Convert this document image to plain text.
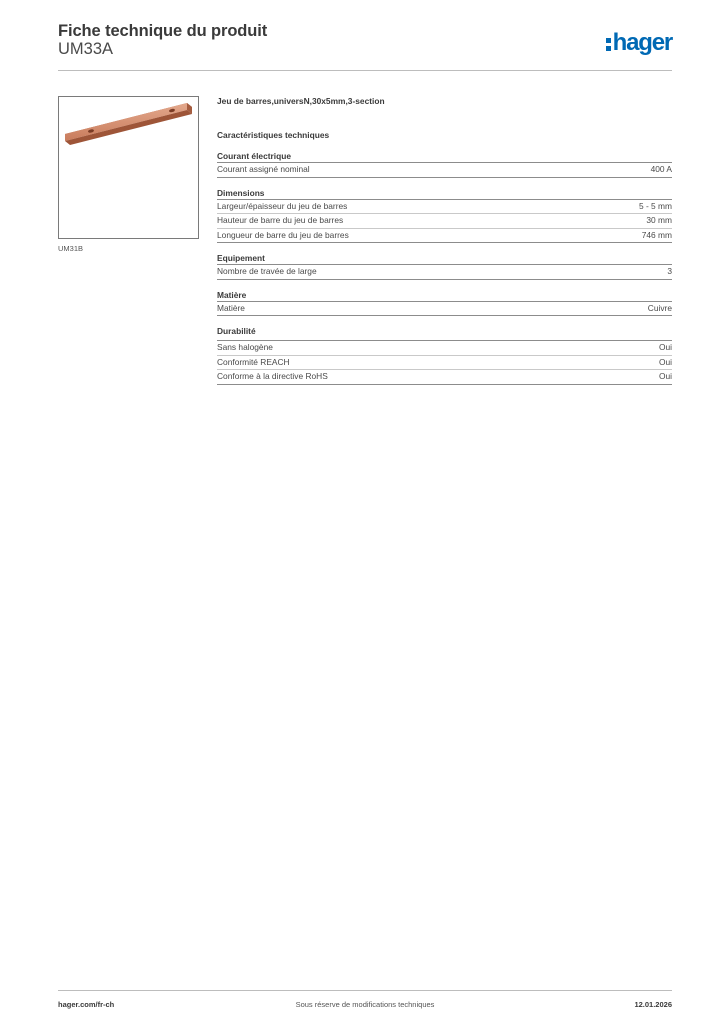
Fiche technique du produit
UM33A	hager
UM31B
Jeu de barres,universN,30x5mm,3-section
Caractéristiques techniques
Courant électrique
Courant assigné nominal	400 A
Dimensions
Largeur/épaisseur du jeu de barres	5 - 5 mm
Hauteur de barre du jeu de barres	30 mm
Longueur de barre du jeu de barres	746 mm
Equipement
Nombre de travée de large	3
Matière
Matière	Cuivre
Durabilité
Sans halogène	Oui
Conformité REACH	Oui
Conforme à la directive RoHS	Oui
hager.com/fr-ch	Sous réserve de modifications techniques	12.01.2026
